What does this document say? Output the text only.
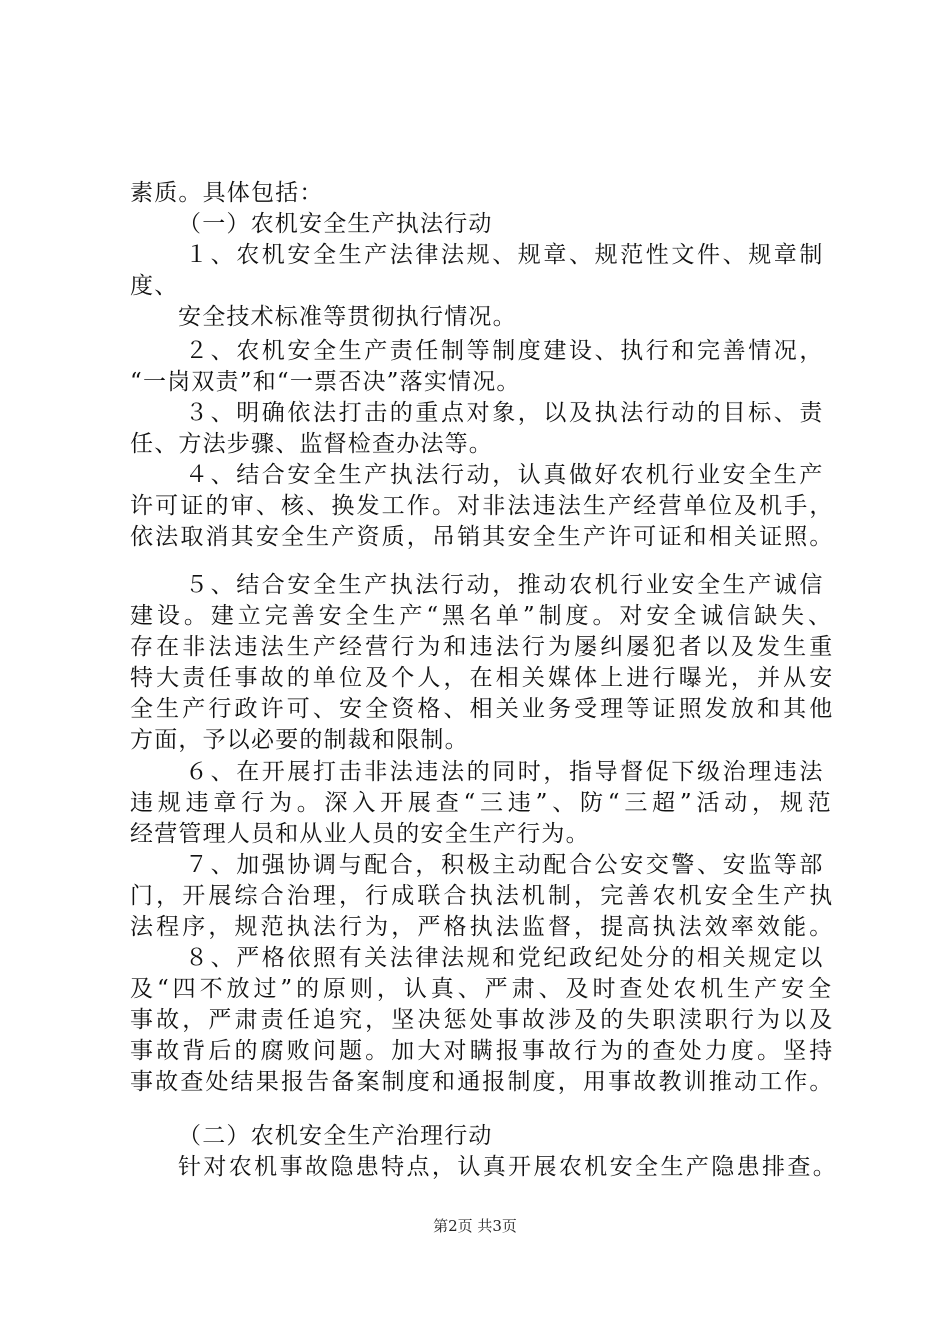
素质。具体包括：
（一）农机安全生产执法行动
１、农机安全生产法律法规、规章、规范性文件、规章制
度、
安全技术标准等贯彻执行情况。
２、农机安全生产责任制等制度建设、执行和完善情况，
“一岗双责”和“一票否决”落实情况。
３、明确依法打击的重点对象，以及执法行动的目标、责
任、方法步骤、监督检查办法等。
４、结合安全生产执法行动，认真做好农机行业安全生产
许可证的审、核、换发工作。对非法违法生产经营单位及机手，
依法取消其安全生产资质，吊销其安全生产许可证和相关证照。
５、结合安全生产执法行动，推动农机行业安全生产诚信
建设。建立完善安全生产“黑名单”制度。对安全诚信缺失、
存在非法违法生产经营行为和违法行为屡纠屡犯者以及发生重
特大责任事故的单位及个人，在相关媒体上进行曝光，并从安
全生产行政许可、安全资格、相关业务受理等证照发放和其他
方面，予以必要的制裁和限制。
６、在开展打击非法违法的同时，指导督促下级治理违法
违规违章行为。深入开展查“三违”、防“三超”活动，规范
经营管理人员和从业人员的安全生产行为。
７、加强协调与配合，积极主动配合公安交警、安监等部
门，开展综合治理，行成联合执法机制，完善农机安全生产执
法程序，规范执法行为，严格执法监督，提高执法效率效能。
８、严格依照有关法律法规和党纪政纪处分的相关规定以
及“四不放过”的原则，认真、严肃、及时查处农机生产安全
事故，严肃责任追究，坚决惩处事故涉及的失职渎职行为以及
事故背后的腐败问题。加大对瞒报事故行为的查处力度。坚持
事故查处结果报告备案制度和通报制度，用事故教训推动工作。
（二）农机安全生产治理行动
针对农机事故隐患特点，认真开展农机安全生产隐患排查。
第2页 共3页
